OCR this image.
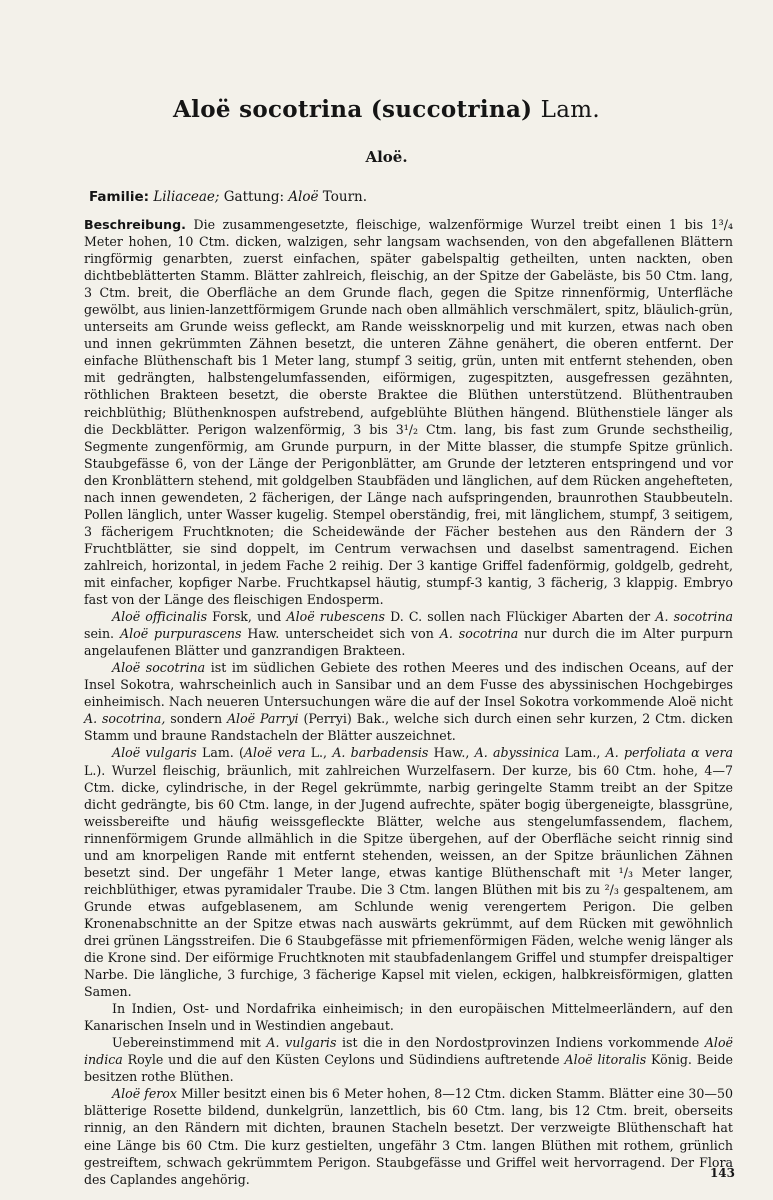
Aloë socotrina (succotrina) Lam.
Aloë.
Familie: Liliaceae; Gattung: Aloë Tourn.

Beschreibung. Die zusammengesetzte, fleischige, walzenförmige Wurzel treibt einen 1 bis 1³/₄ Meter hohen, 10 Ctm. dicken, walzigen, sehr langsam wachsenden, von den abgefallenen Blättern ringförmig genarbten, zuerst einfachen, später gabelspaltig getheilten, unten nackten, oben dichtbeblätterten Stamm. Blätter zahlreich, fleischig, an der Spitze der Gabeläste, bis 50 Ctm. lang, 3 Ctm. breit, die Oberfläche an dem Grunde flach, gegen die Spitze rinnenförmig, Unterfläche gewölbt, aus linien-lanzettförmigem Grunde nach oben allmählich verschmälert, spitz, bläulich-grün, unterseits am Grunde weiss gefleckt, am Rande weissknorpelig und mit kurzen, etwas nach oben und innen gekrümmten Zähnen besetzt, die unteren Zähne genähert, die oberen entfernt. Der einfache Blüthenschaft bis 1 Meter lang, stumpf 3 seitig, grün, unten mit entfernt stehenden, oben mit gedrängten, halbstengelumfassenden, eiförmigen, zugespitzten, ausgefressen gezähnten, röthlichen Brakteen besetzt, die oberste Braktee die Blüthen unterstützend. Blüthentrauben reichblüthig; Blüthenknospen aufstrebend, aufgeblühte Blüthen hängend. Blüthenstiele länger als die Deckblätter. Perigon walzenförmig, 3 bis 3¹/₂ Ctm. lang, bis fast zum Grunde sechstheilig, Segmente zungenförmig, am Grunde purpurn, in der Mitte blasser, die stumpfe Spitze grünlich. Staubgefässe 6, von der Länge der Perigonblätter, am Grunde der letzteren entspringend und vor den Kronblättern stehend, mit goldgelben Staubfäden und länglichen, auf dem Rücken angehefteten, nach innen gewendeten, 2 fächerigen, der Länge nach aufspringenden, braunrothen Staubbeuteln. Pollen länglich, unter Wasser kugelig. Stempel oberständig, frei, mit länglichem, stumpf, 3 seitigem, 3 fächerigem Fruchtknoten; die Scheidewände der Fächer bestehen aus den Rändern der 3 Fruchtblätter, sie sind doppelt, im Centrum verwachsen und daselbst samentragend. Eichen zahlreich, horizontal, in jedem Fache 2 reihig. Der 3 kantige Griffel fadenförmig, goldgelb, gedreht, mit einfacher, kopfiger Narbe. Fruchtkapsel häutig, stumpf-3 kantig, 3 fächerig, 3 klappig. Embryo fast von der Länge des fleischigen Endosperm.

Aloë officinalis Forsk, und Aloë rubescens D. C. sollen nach Flückiger Abarten der A. socotrina sein. Aloë purpurascens Haw. unterscheidet sich von A. socotrina nur durch die im Alter purpurn angelaufenen Blätter und ganzrandigen Brakteen.

Aloë socotrina ist im südlichen Gebiete des rothen Meeres und des indischen Oceans, auf der Insel Sokotra, wahrscheinlich auch in Sansibar und an dem Fusse des abyssinischen Hochgebirges einheimisch. Nach neueren Untersuchungen wäre die auf der Insel Sokotra vorkommende Aloë nicht A. socotrina, sondern Aloë Parryi (Perryi) Bak., welche sich durch einen sehr kurzen, 2 Ctm. dicken Stamm und braune Randstacheln der Blätter auszeichnet.

Aloë vulgaris Lam. (Aloë vera L., A. barbadensis Haw., A. abyssinica Lam., A. perfoliata α vera L.). Wurzel fleischig, bräunlich, mit zahlreichen Wurzelfasern. Der kurze, bis 60 Ctm. hohe, 4—7 Ctm. dicke, cylindrische, in der Regel gekrümmte, narbig geringelte Stamm treibt an der Spitze dicht gedrängte, bis 60 Ctm. lange, in der Jugend aufrechte, später bogig übergeneigte, blassgrüne, weissbereifte und häufig weissgefleckte Blätter, welche aus stengelumfassendem, flachem, rinnenförmigem Grunde allmählich in die Spitze übergehen, auf der Oberfläche seicht rinnig sind und am knorpeligen Rande mit entfernt stehenden, weissen, an der Spitze bräunlichen Zähnen besetzt sind. Der ungefähr 1 Meter lange, etwas kantige Blüthenschaft mit ¹/₃ Meter langer, reichblüthiger, etwas pyramidaler Traube. Die 3 Ctm. langen Blüthen mit bis zu ²/₃ gespaltenem, am Grunde etwas aufgeblasenem, am Schlunde wenig verengertem Perigon. Die gelben Kronenabschnitte an der Spitze etwas nach auswärts gekrümmt, auf dem Rücken mit gewöhnlich drei grünen Längsstreifen. Die 6 Staubgefässe mit pfriemenförmigen Fäden, welche wenig länger als die Krone sind. Der eiförmige Fruchtknoten mit staubfadenlangem Griffel und stumpfer dreispaltiger Narbe. Die längliche, 3 furchige, 3 fächerige Kapsel mit vielen, eckigen, halbkreisförmigen, glatten Samen.

In Indien, Ost- und Nordafrika einheimisch; in den europäischen Mittelmeerländern, auf den Kanarischen Inseln und in Westindien angebaut.

Uebereinstimmend mit A. vulgaris ist die in den Nordostprovinzen Indiens vorkommende Aloë indica Royle und die auf den Küsten Ceylons und Südindiens auftretende Aloë litoralis König. Beide besitzen rothe Blüthen.

Aloë ferox Miller besitzt einen bis 6 Meter hohen, 8—12 Ctm. dicken Stamm. Blätter eine 30—50 blätterige Rosette bildend, dunkelgrün, lanzettlich, bis 60 Ctm. lang, bis 12 Ctm. breit, oberseits rinnig, an den Rändern mit dichten, braunen Stacheln besetzt. Der verzweigte Blüthenschaft hat eine Länge bis 60 Ctm. Die kurz gestielten, ungefähr 3 Ctm. langen Blüthen mit rothem, grünlich gestreiftem, schwach gekrümmtem Perigon. Staubgefässe und Griffel weit hervorragend. Der Flora des Caplandes angehörig.	143
